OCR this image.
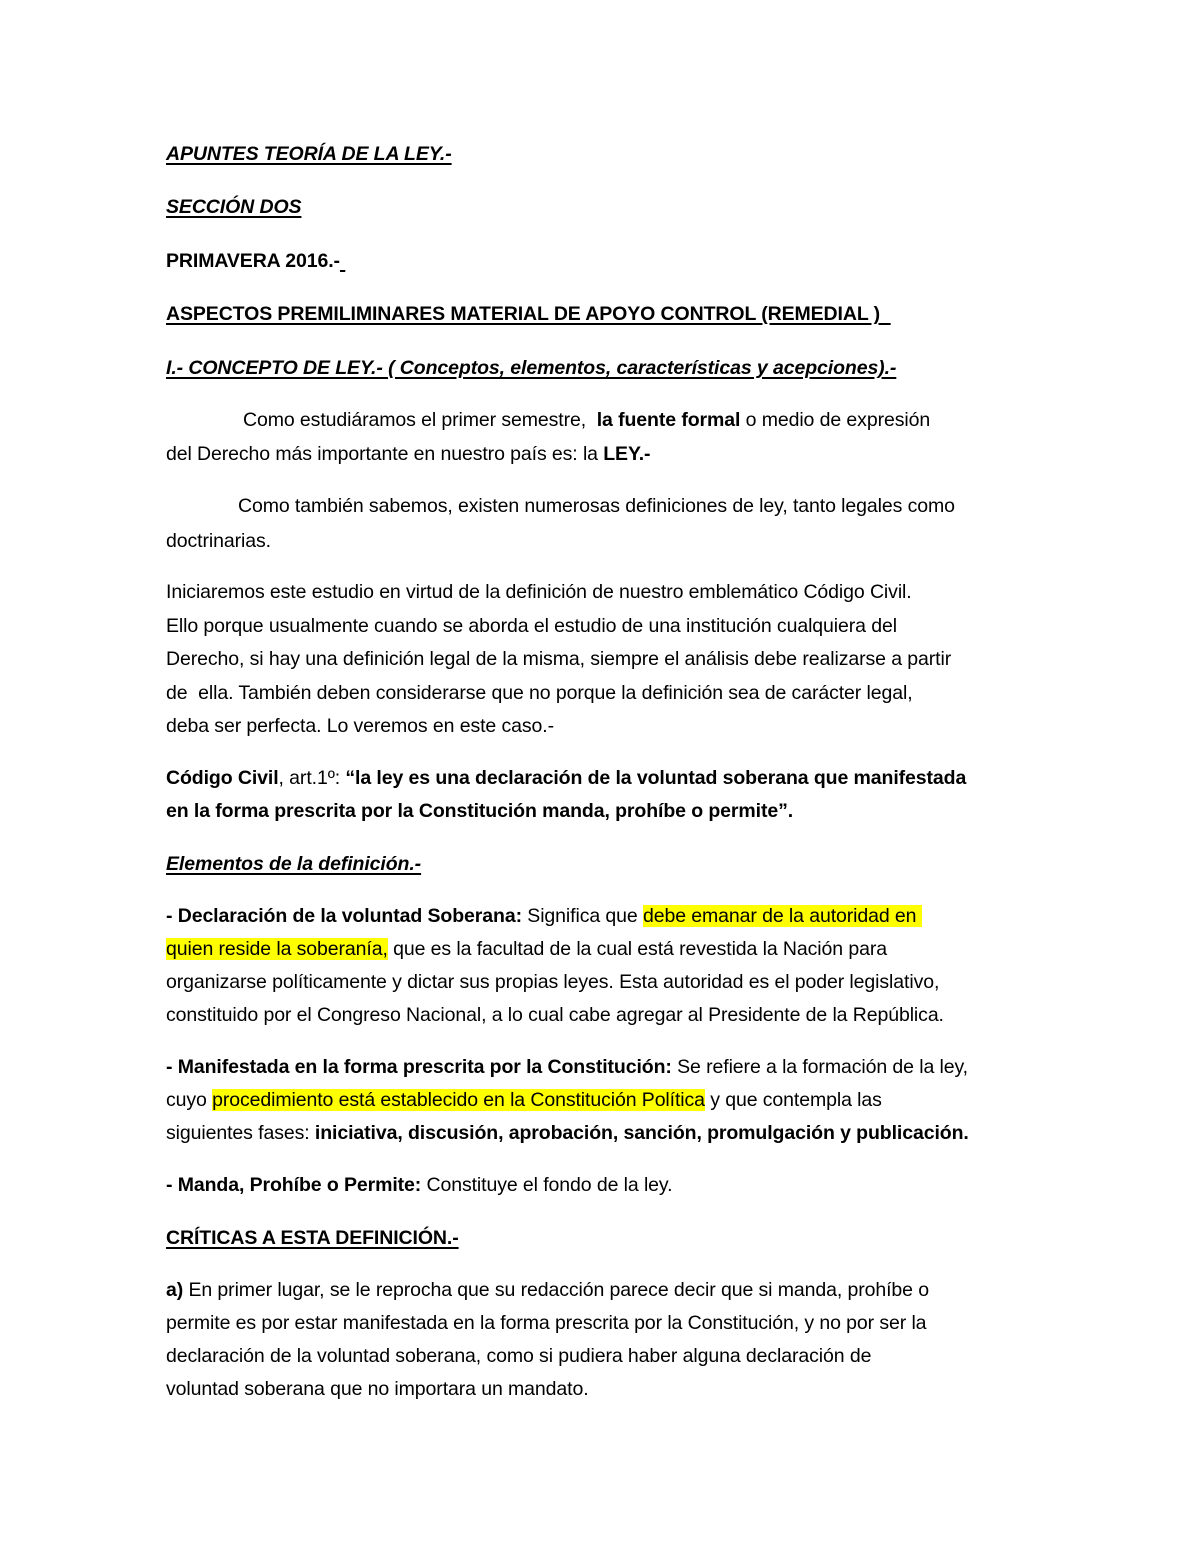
APUNTES TEORÍA DE LA LEY.-
SECCIÓN DOS
PRIMAVERA 2016.-
ASPECTOS PREMILIMINARES MATERIAL DE APOYO CONTROL (REMEDIAL )
I.- CONCEPTO DE LEY.- ( Conceptos, elementos, características y acepciones).-
Como estudiáramos el primer semestre,  la fuente formal o medio de expresión
del Derecho más importante en nuestro país es: la LEY.-
Como también sabemos, existen numerosas definiciones de ley, tanto legales como
doctrinarias.
Iniciaremos este estudio en virtud de la definición de nuestro emblemático Código Civil.
Ello porque usualmente cuando se aborda el estudio de una institución cualquiera del
Derecho, si hay una definición legal de la misma, siempre el análisis debe realizarse a partir
de  ella. También deben considerarse que no porque la definición sea de carácter legal,
deba ser perfecta. Lo veremos en este caso.-
Código Civil, art.1º: “la ley es una declaración de la voluntad soberana que manifestada
en la forma prescrita por la Constitución manda, prohíbe o permite”.
Elementos de la definición.-
- Declaración de la voluntad Soberana: Significa que debe emanar de la autoridad en
quien reside la soberanía, que es la facultad de la cual está revestida la Nación para
organizarse políticamente y dictar sus propias leyes. Esta autoridad es el poder legislativo,
constituido por el Congreso Nacional, a lo cual cabe agregar al Presidente de la República.
- Manifestada en la forma prescrita por la Constitución: Se refiere a la formación de la ley,
cuyo procedimiento está establecido en la Constitución Política y que contempla las
siguientes fases: iniciativa, discusión, aprobación, sanción, promulgación y publicación.
- Manda, Prohíbe o Permite: Constituye el fondo de la ley.
CRÍTICAS A ESTA DEFINICIÓN.-
a) En primer lugar, se le reprocha que su redacción parece decir que si manda, prohíbe o
permite es por estar manifestada en la forma prescrita por la Constitución, y no por ser la
declaración de la voluntad soberana, como si pudiera haber alguna declaración de
voluntad soberana que no importara un mandato.
